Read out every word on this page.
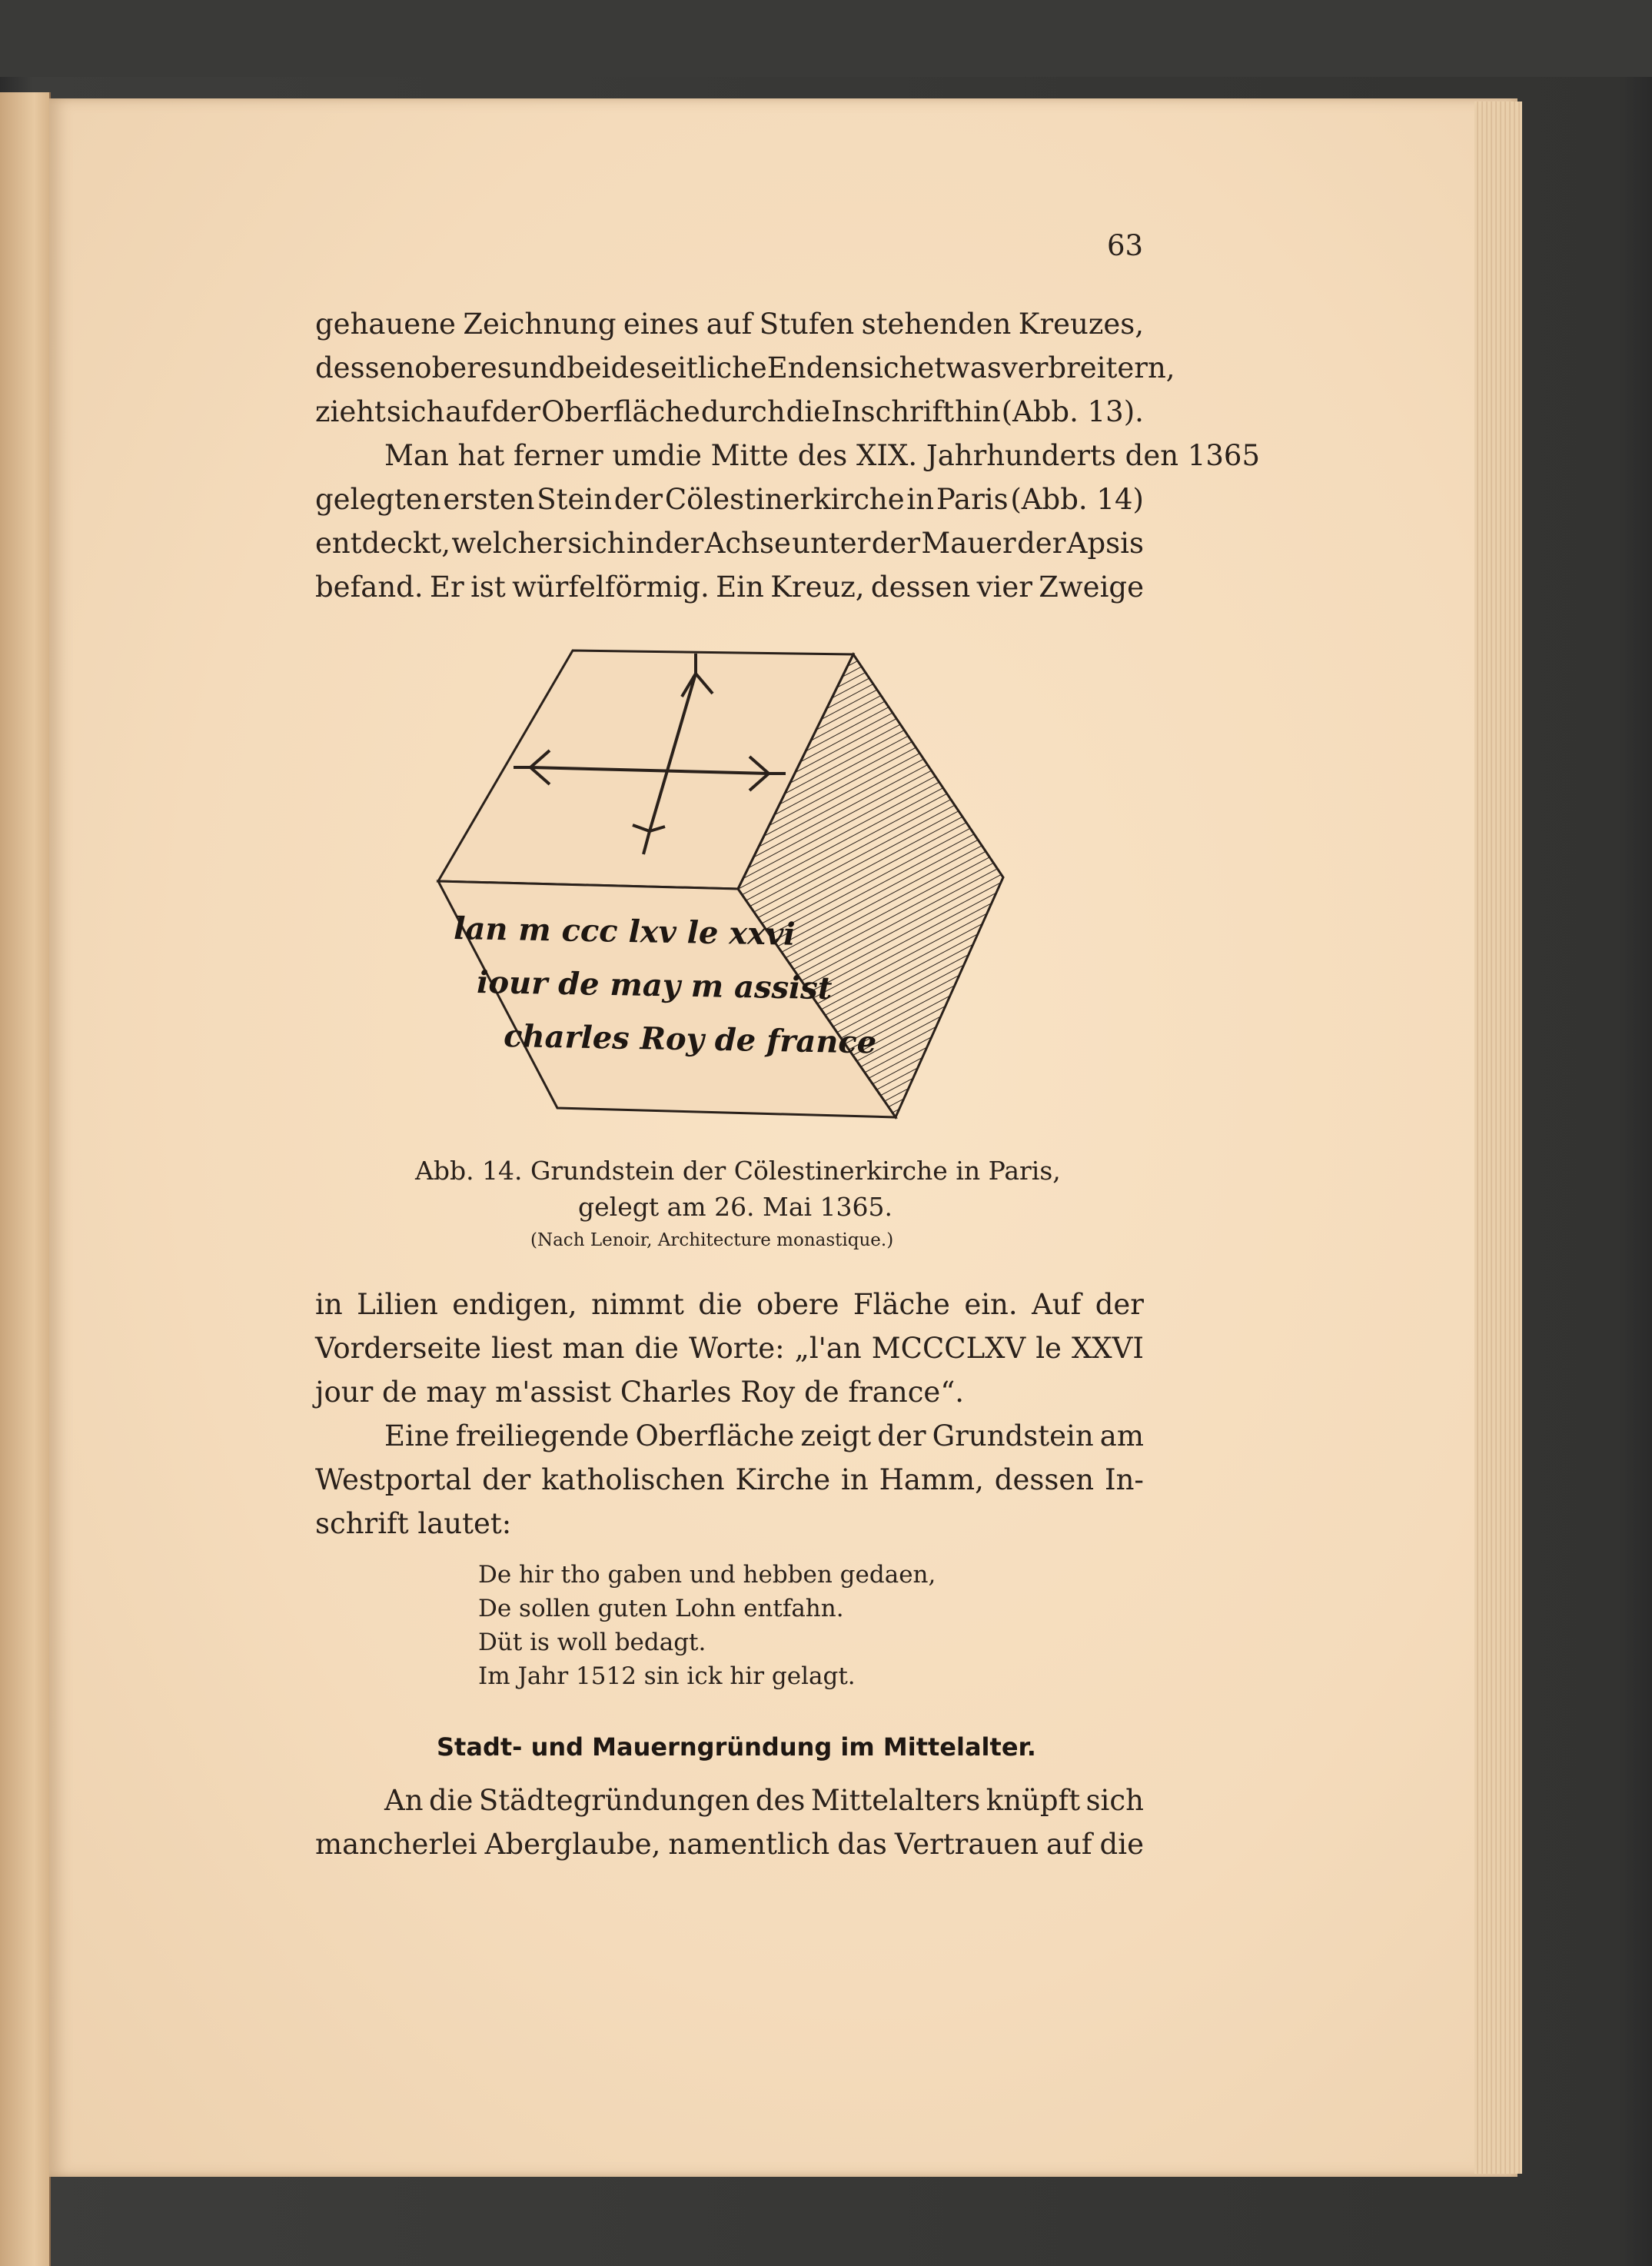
63
gehauene Zeichnung eines auf Stufen stehenden Kreuzes,
dessen oberes und beide seitliche Enden sich etwas verbreitern,
zieht sich auf der Oberfläche durch die Inschrift hin (Abb. 13).
Man hat ferner um die Mitte des XIX. Jahrhunderts den 1365
gelegten ersten Stein der Cölestinerkirche in Paris (Abb. 14)
entdeckt, welcher sich in der Achse unter der Mauer der Apsis
befand. Er ist würfelförmig. Ein Kreuz, dessen vier Zweige
lan m ccc lxv le xxvi
iour de may m assist
charles Roy de france
Abb. 14. Grundstein der Cölestinerkirche in Paris,
gelegt am 26. Mai 1365.
(Nach Lenoir, Architecture monastique.)
in Lilien endigen, nimmt die obere Fläche ein. Auf der
Vorderseite liest man die Worte: „l'an MCCCLXV le XXVI
jour de may m'assist Charles Roy de france“.
Eine freiliegende Oberfläche zeigt der Grundstein am
Westportal der katholischen Kirche in Hamm, dessen In-
schrift lautet:
De hir tho gaben und hebben gedaen,
De sollen guten Lohn entfahn.
Düt is woll bedagt.
Im Jahr 1512 sin ick hir gelagt.
Stadt- und Mauerngründung im Mittelalter.
An die Städtegründungen des Mittelalters knüpft sich
mancherlei Aberglaube, namentlich das Vertrauen auf die
